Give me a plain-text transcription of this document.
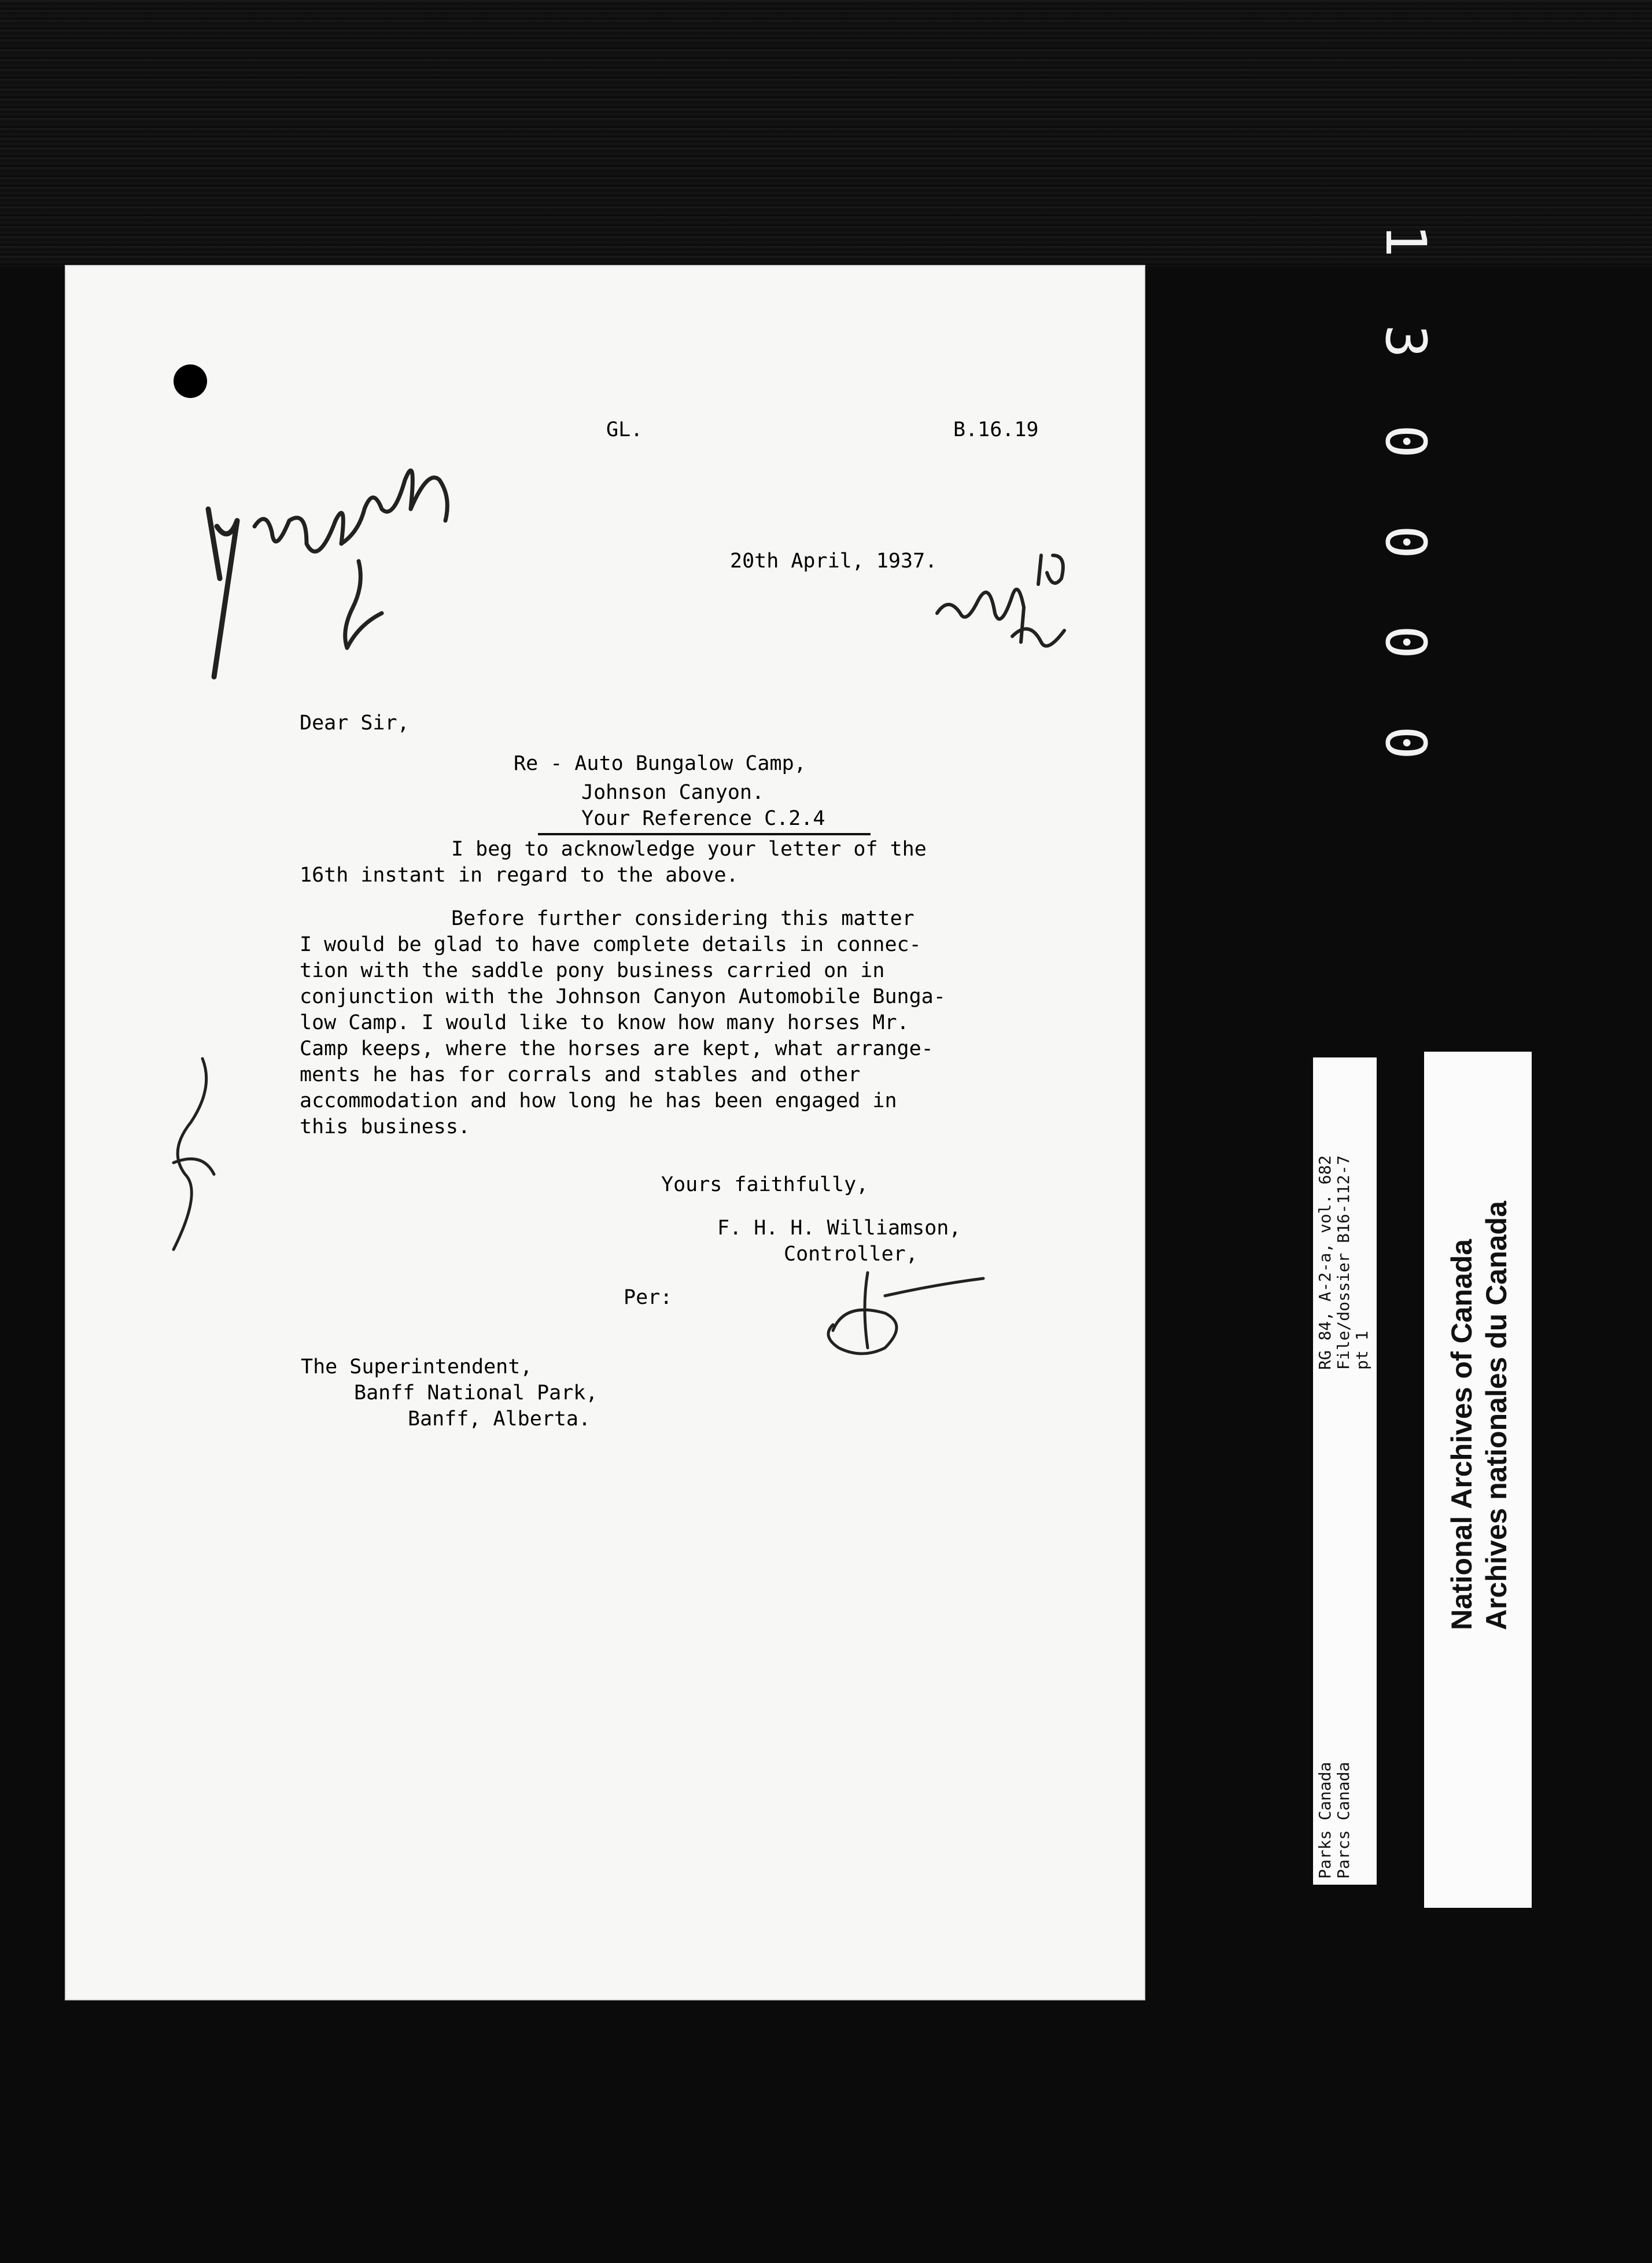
1
3
0
0
0
0
GL.	B.16.19
20th April, 1937.
Dear Sir,
Re - Auto Bungalow Camp,
Johnson Canyon.
Your Reference C.2.4
I beg to acknowledge your letter of the
16th instant in regard to the above.
Before further considering this matter
I would be glad to have complete details in connec-
tion with the saddle pony business carried on in
conjunction with the Johnson Canyon Automobile Bunga-
low Camp. I would like to know how many horses Mr.
Camp keeps, where the horses are kept, what arrange-
ments he has for corrals and stables and other
accommodation and how long he has been engaged in
this business.
Yours faithfully,
F. H. H. Williamson,
Controller,
Per:
The Superintendent,
Banff National Park,
Banff, Alberta.
RG 84, A-2-a, vol. 682 File/dossier B16-112-7 pt 1
Parks Canada Parcs Canada
National Archives of Canada Archives nationales du Canada
